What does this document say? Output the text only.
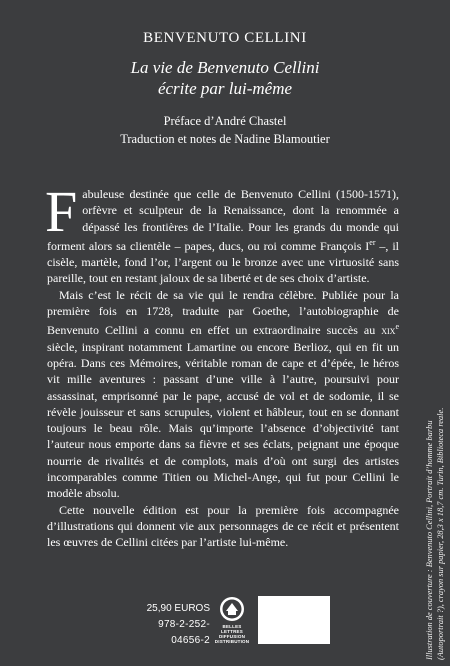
BENVENUTO CELLINI
La vie de Benvenuto Cellini
écrite par lui-même
Préface d’André Chastel
Traduction et notes de Nadine Blamoutier

Fabuleuse destinée que celle de Benvenuto Cellini (1500-1571), orfèvre et sculpteur de la Renaissance, dont la renommée a dépassé les frontières de l’Italie. Pour les grands du monde qui forment alors sa clientèle – papes, ducs, ou roi comme François Ier –, il cisèle, martèle, fond l’or, l’argent ou le bronze avec une virtuosité sans pareille, tout en restant jaloux de sa liberté et de ses choix d’artiste.

Mais c’est le récit de sa vie qui le rendra célèbre. Publiée pour la première fois en 1728, traduite par Goethe, l’autobiographie de Benvenuto Cellini a connu en effet un extraordinaire succès au xix$^e$ siècle, inspirant notamment Lamartine ou encore Berlioz, qui en fit un opéra. Dans ces Mémoires, véritable roman de cape et d’épée, le héros vit mille aventures : passant d’une ville à l’autre, poursuivi pour assassinat, emprisonné par le pape, accusé de vol et de sodomie, il se révèle jouisseur et sans scrupules, violent et hâbleur, tout en se donnant toujours le beau rôle. Mais qu’importe l’absence d’objectivité tant l’auteur nous emporte dans sa fièvre et ses éclats, peignant une époque nourrie de rivalités et de complots, mais d’où ont surgi des artistes incomparables comme Titien ou Michel-Ange, qui fut pour Cellini le modèle absolu.

Cette nouvelle édition est pour la première fois accompagnée d’illustrations qui donnent vie aux personnages de ce récit et présentent les œuvres de Cellini citées par l’artiste lui-même.

25,90 EUROS
978-2-252-04656-2
BELLES LETTRES
DIFFUSION
DISTRIBUTION	Illustration de couverture : Benvenuto Cellini, Portrait d’homme barbu (Autoportrait ?), crayon sur papier, 28,3 x 18,7 cm. Turin, Biblioteca reale.
